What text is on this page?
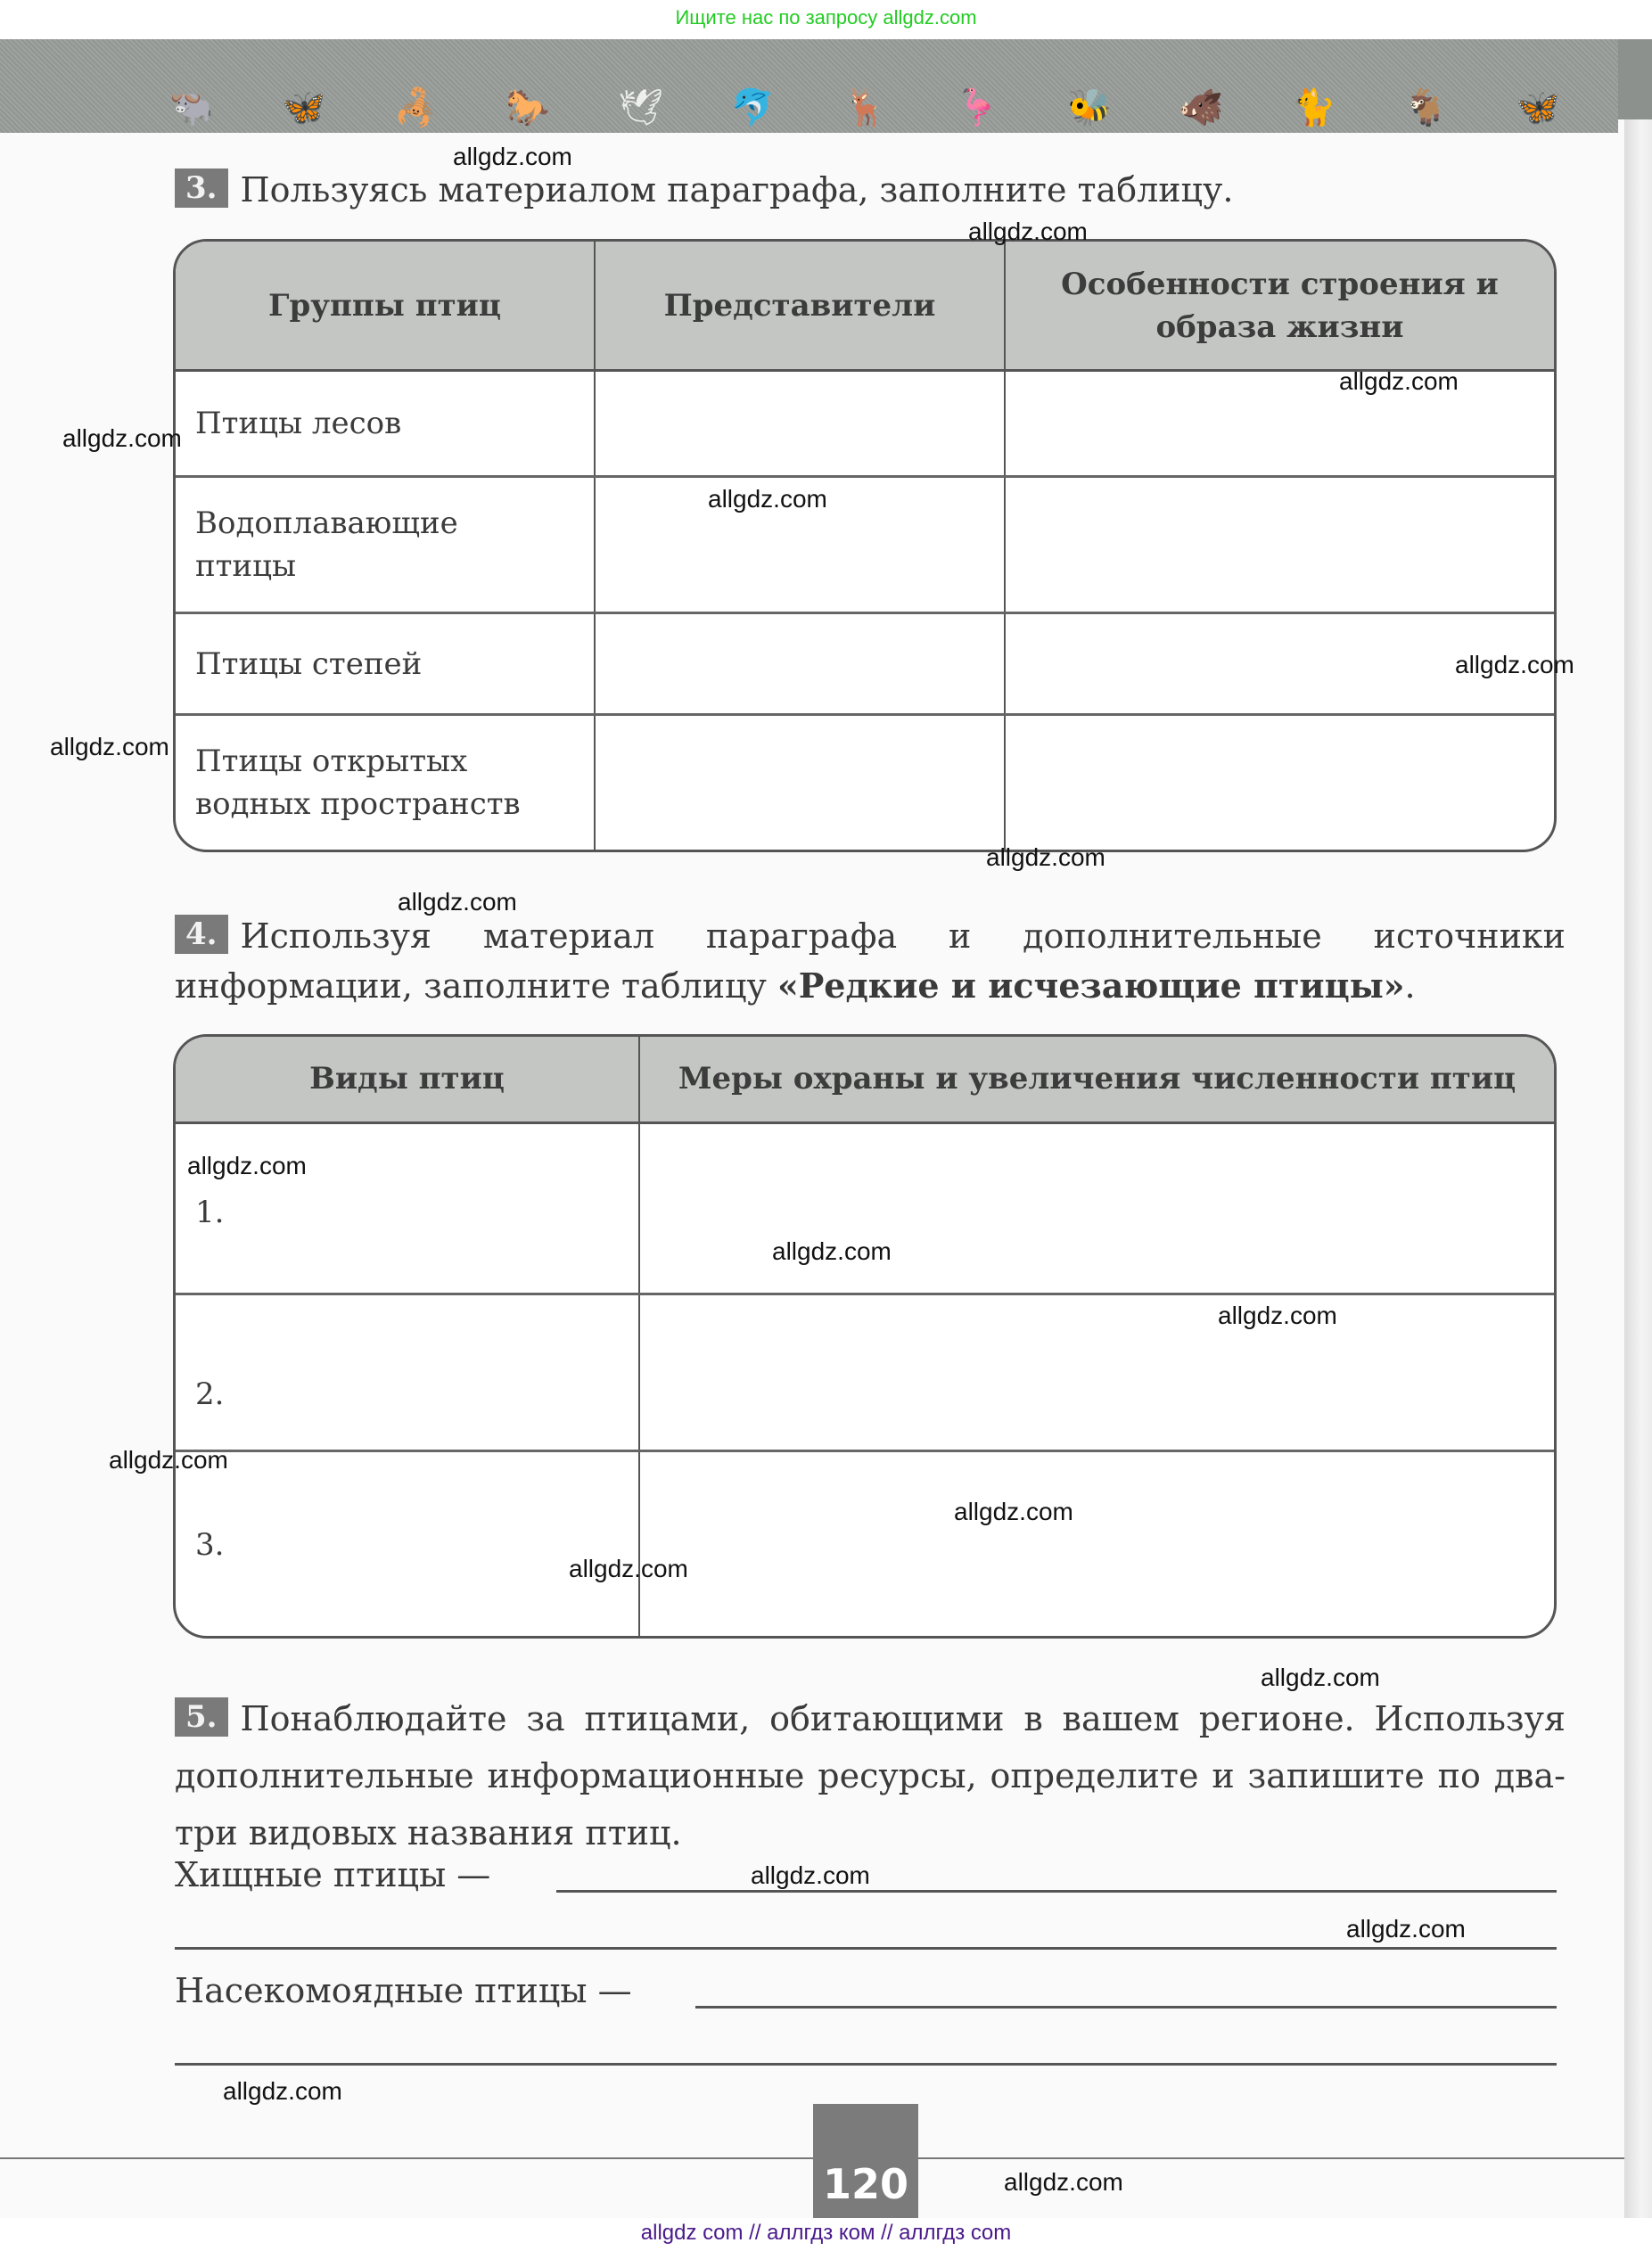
Ищите нас по запросу allgdz.com
🐃 🦋 🦂 🐎 🕊 🐬 🦌 🦩 🐝 🐗 🐈 🐐 🦋
3. Пользуясь материалом параграфа, заполните таблицу.
Группы птиц	Представители	Особенности строения и образа жизни
Птицы лесов		
Водоплавающие птицы		
Птицы степей		
Птицы открытых водных пространств		
4. Используя материал параграфа и дополнительные источники информации, заполните таблицу «Редкие и исчезающие птицы».
Виды птиц	Меры охраны и увеличения численности птиц
1.	
2.	
3.	
5. Понаблюдайте за птицами, обитающими в вашем регионе. Используя дополнительные информационные ресурсы, определите и запишите по два-три видовых названия птиц.
Хищные птицы —
Насекомоядные птицы —
120
allgdz.com
allgdz.com
allgdz.com
allgdz.com
allgdz.com
allgdz.com
allgdz.com
allgdz.com
allgdz.com
allgdz.com
allgdz.com
allgdz.com
allgdz.com
allgdz.com
allgdz.com
allgdz.com
allgdz.com
allgdz.com
allgdz.com
allgdz.com
allgdz com // аллгдз ком // аллгдз com
